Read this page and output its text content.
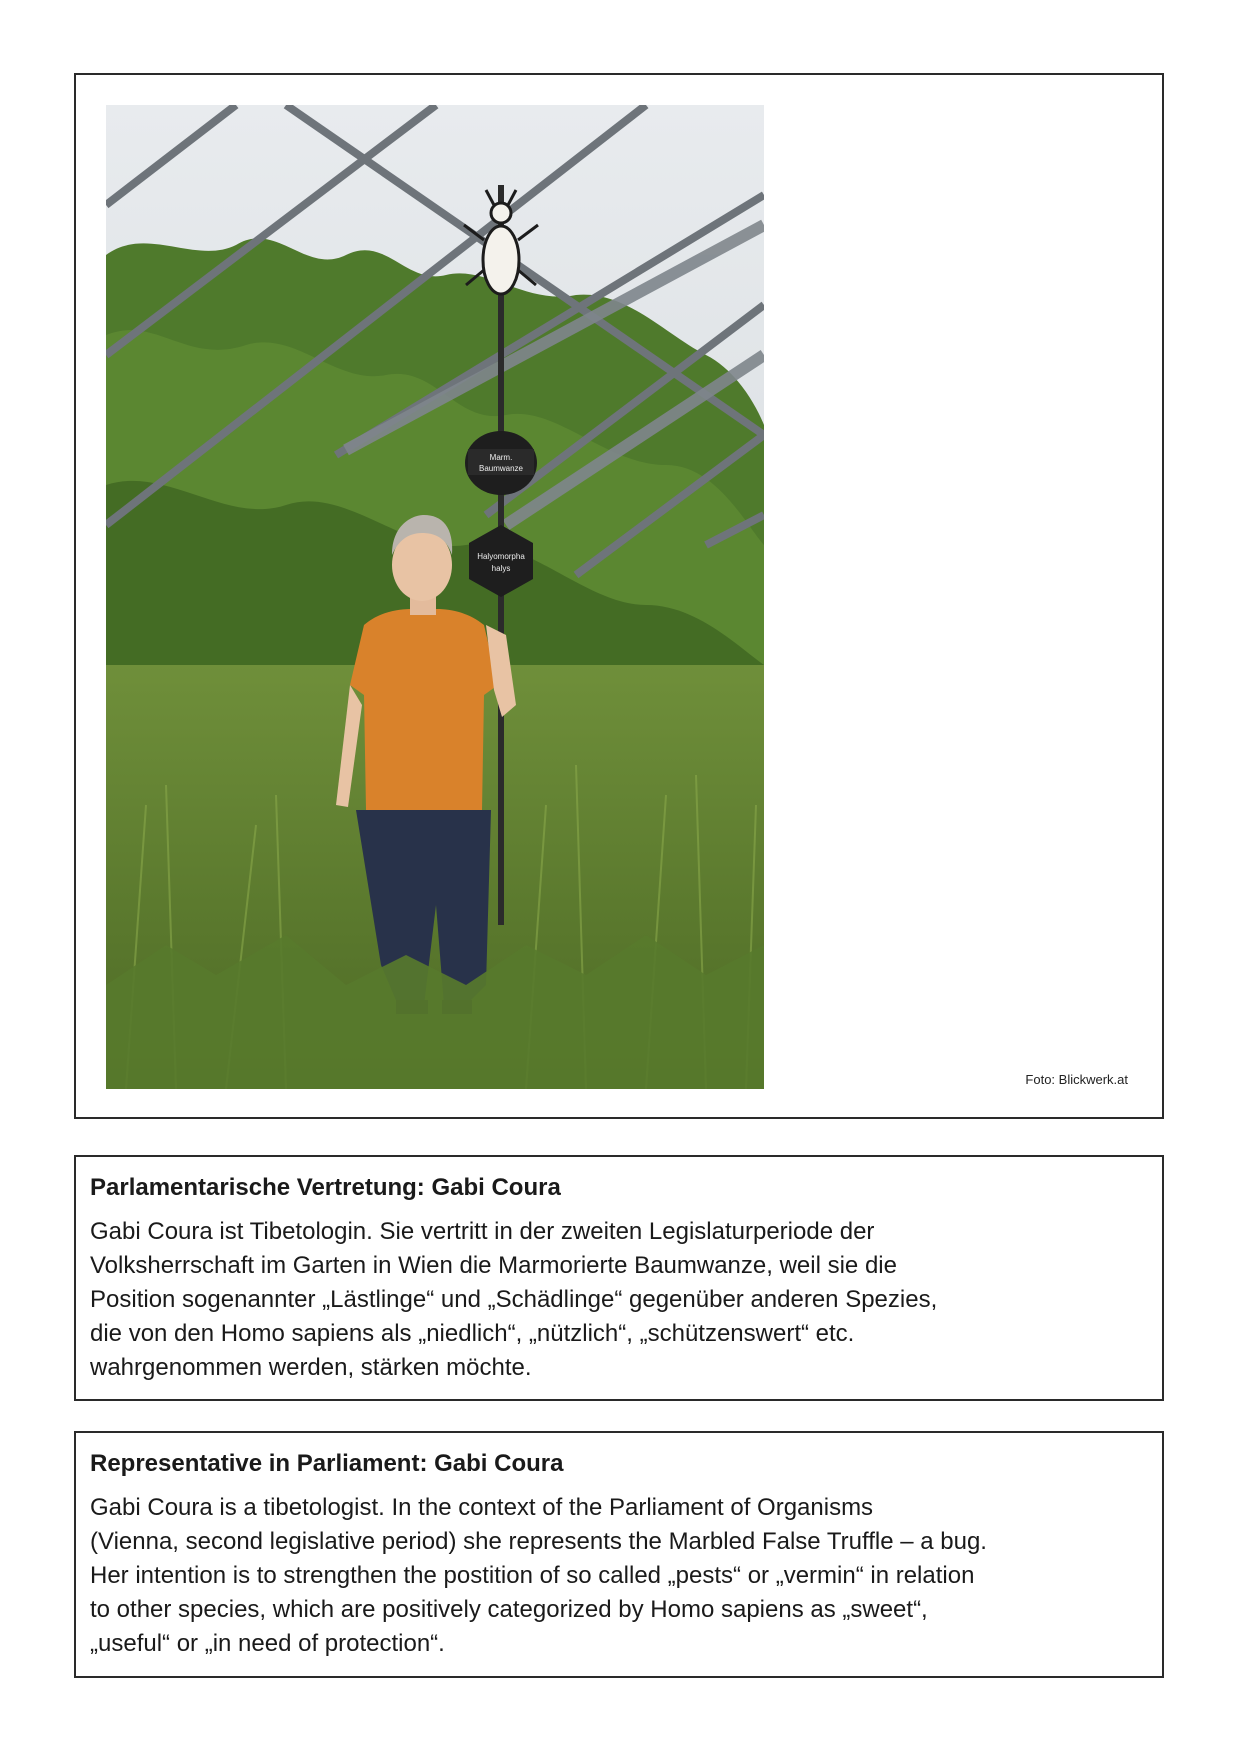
Marm.
Baumwanze
Halyomorpha
halys
Foto: Blickwerk.at

Parlamentarische Vertretung: Gabi Coura

Gabi Coura ist Tibetologin. Sie vertritt in der zweiten Legislaturperiode der
Volksherrschaft im Garten in Wien die Marmorierte Baumwanze, weil sie die
Position sogenannter „Lästlinge“ und „Schädlinge“ gegenüber anderen Spezies,
die von den Homo sapiens als „niedlich“, „nützlich“, „schützenswert“ etc.
wahrgenommen werden, stärken möchte.

Representative in Parliament: Gabi Coura

Gabi Coura is a tibetologist. In the context of the Parliament of Organisms
(Vienna, second legislative period) she represents the Marbled False Truffle – a bug.
Her intention is to strengthen the postition of so called „pests“ or „vermin“ in relation
to other species, which are positively categorized by Homo sapiens as „sweet“,
„useful“ or „in need of protection“.
